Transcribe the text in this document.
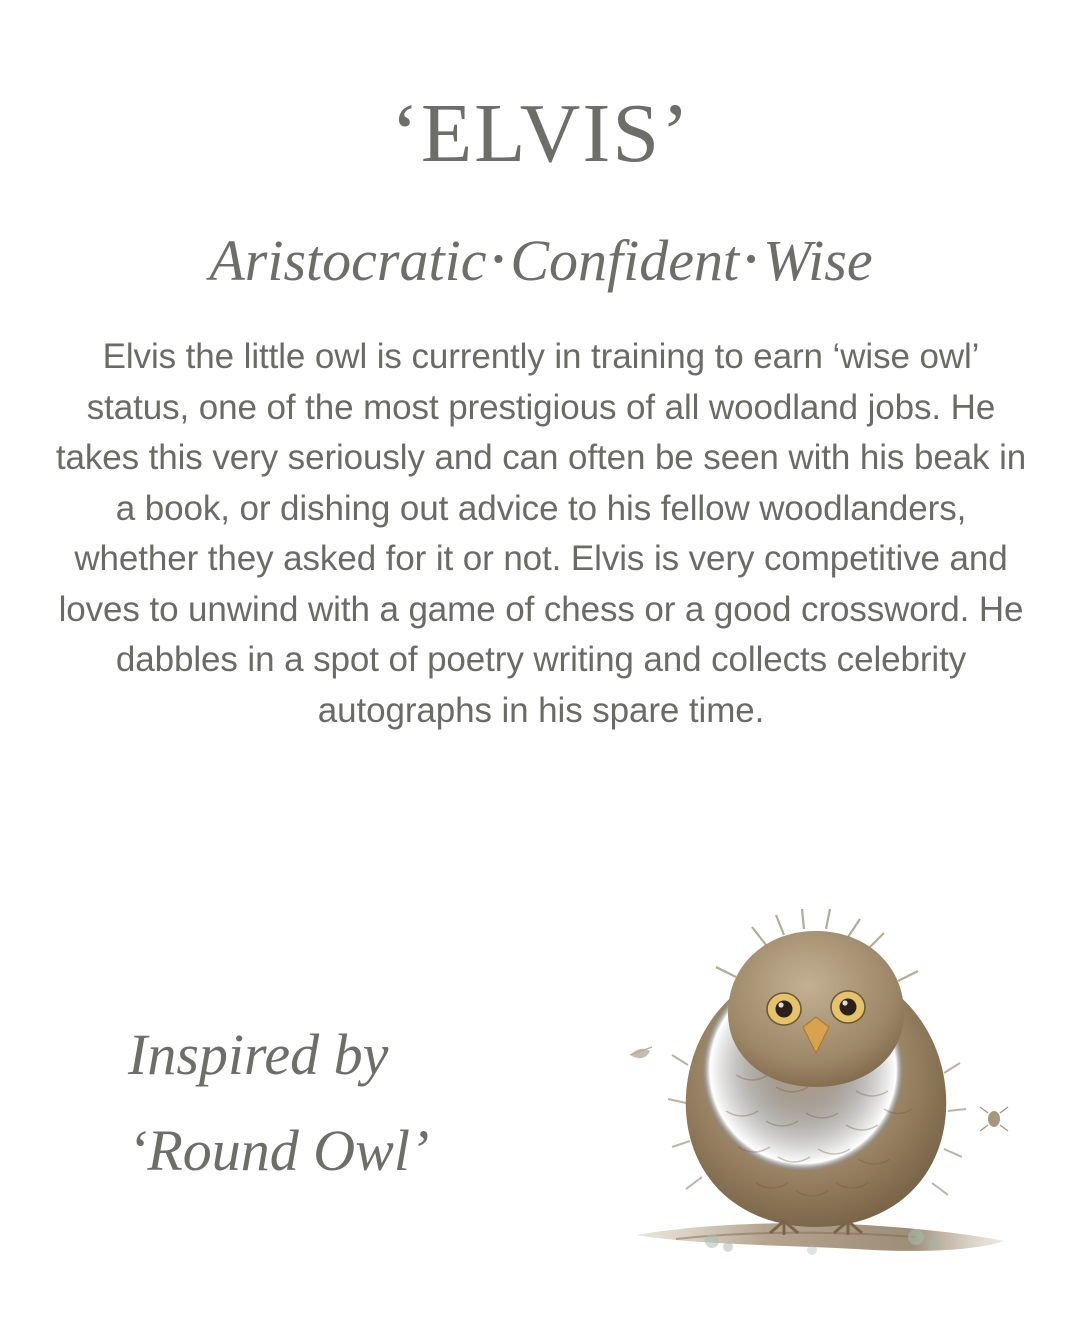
‘ELVIS’
Aristocratic • Confident • Wise

Elvis the little owl is currently in training to earn ‘wise owl’ status, one of the most prestigious of all woodland jobs. He takes this very seriously and can often be seen with his beak in a book, or dishing out advice to his fellow woodlanders, whether they asked for it or not. Elvis is very competitive and loves to unwind with a game of chess or a good crossword. He dabbles in a spot of poetry writing and collects celebrity autographs in his spare time.

Inspired by
‘Round Owl’
